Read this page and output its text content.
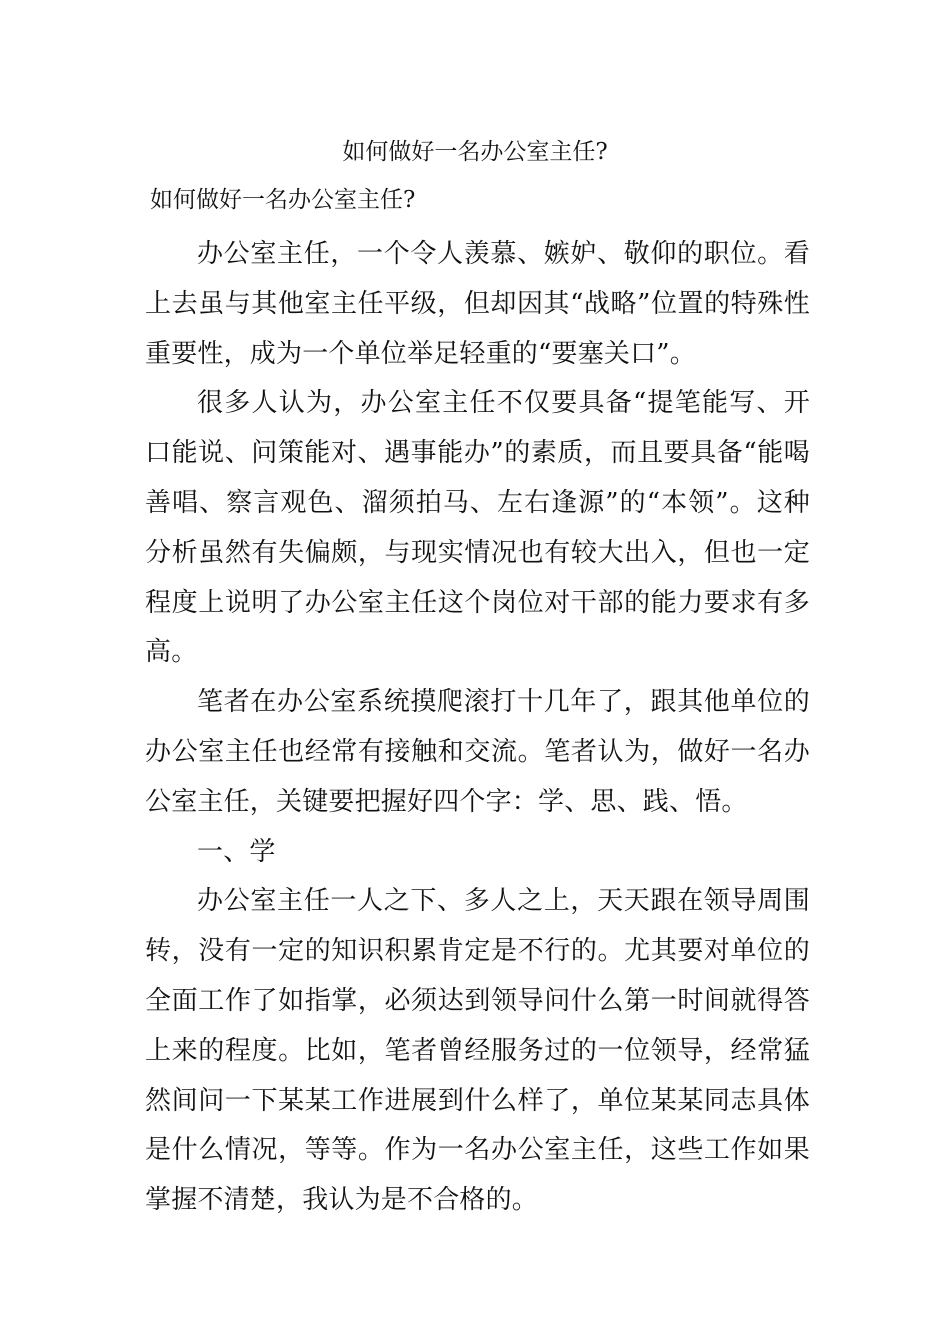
如何做好一名办公室主任?
如何做好一名办公室主任?

办公室主任，一个令人羡慕、嫉妒、敬仰的职位。看上去虽与其他室主任平级，但却因其“战略”位置的特殊性重要性，成为一个单位举足轻重的“要塞关口”。

很多人认为，办公室主任不仅要具备“提笔能写、开口能说、问策能对、遇事能办”的素质，而且要具备“能喝善唱、察言观色、溜须拍马、左右逢源”的“本领”。这种分析虽然有失偏颇，与现实情况也有较大出入，但也一定程度上说明了办公室主任这个岗位对干部的能力要求有多高。

笔者在办公室系统摸爬滚打十几年了，跟其他单位的办公室主任也经常有接触和交流。笔者认为，做好一名办公室主任，关键要把握好四个字：学、思、践、悟。

一、学

办公室主任一人之下、多人之上，天天跟在领导周围转，没有一定的知识积累肯定是不行的。尤其要对单位的全面工作了如指掌，必须达到领导问什么第一时间就得答上来的程度。比如，笔者曾经服务过的一位领导，经常猛然间问一下某某工作进展到什么样了，单位某某同志具体是什么情况，等等。作为一名办公室主任，这些工作如果掌握不清楚，我认为是不合格的。
